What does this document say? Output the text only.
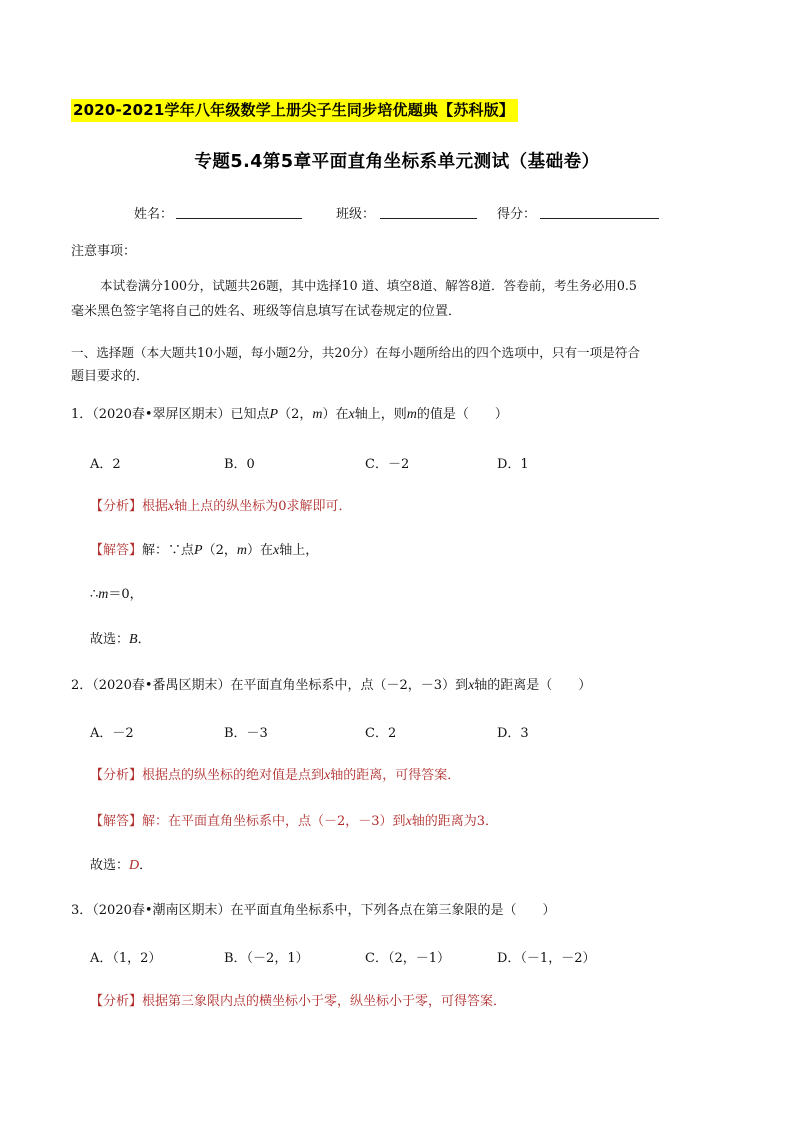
2020-2021学年八年级数学上册尖子生同步培优题典【苏科版】
专题5.4第5章平面直角坐标系单元测试（基础卷）
姓名：	班级：	得分：
注意事项：
本试卷满分100分，试题共26题，其中选择10 道、填空8道、解答8道．答卷前，考生务必用0.5
毫米黑色签字笔将自己的姓名、班级等信息填写在试卷规定的位置．
一、选择题（本大题共10小题，每小题2分，共20分）在每小题所给出的四个选项中，只有一项是符合
题目要求的．
1．（2020春•翠屏区期末）已知点P（2，m）在x轴上，则m的值是（　　）
A．2	B．0	C．－2	D．1
【分析】根据x轴上点的纵坐标为0求解即可．
【解答】解：∵点P（2，m）在x轴上，
∴m＝0，
故选：B．
2．（2020春•番禺区期末）在平面直角坐标系中，点（－2，－3）到x轴的距离是（　　）
A．－2	B．－3	C．2	D．3
【分析】根据点的纵坐标的绝对值是点到x轴的距离，可得答案．
【解答】解：在平面直角坐标系中，点（－2，－3）到x轴的距离为3．
故选：D．
3．（2020春•潮南区期末）在平面直角坐标系中，下列各点在第三象限的是（　　）
A．（1，2）	B．（－2，1）	C．（2，－1）	D．（－1，－2）
【分析】根据第三象限内点的横坐标小于零，纵坐标小于零，可得答案．
